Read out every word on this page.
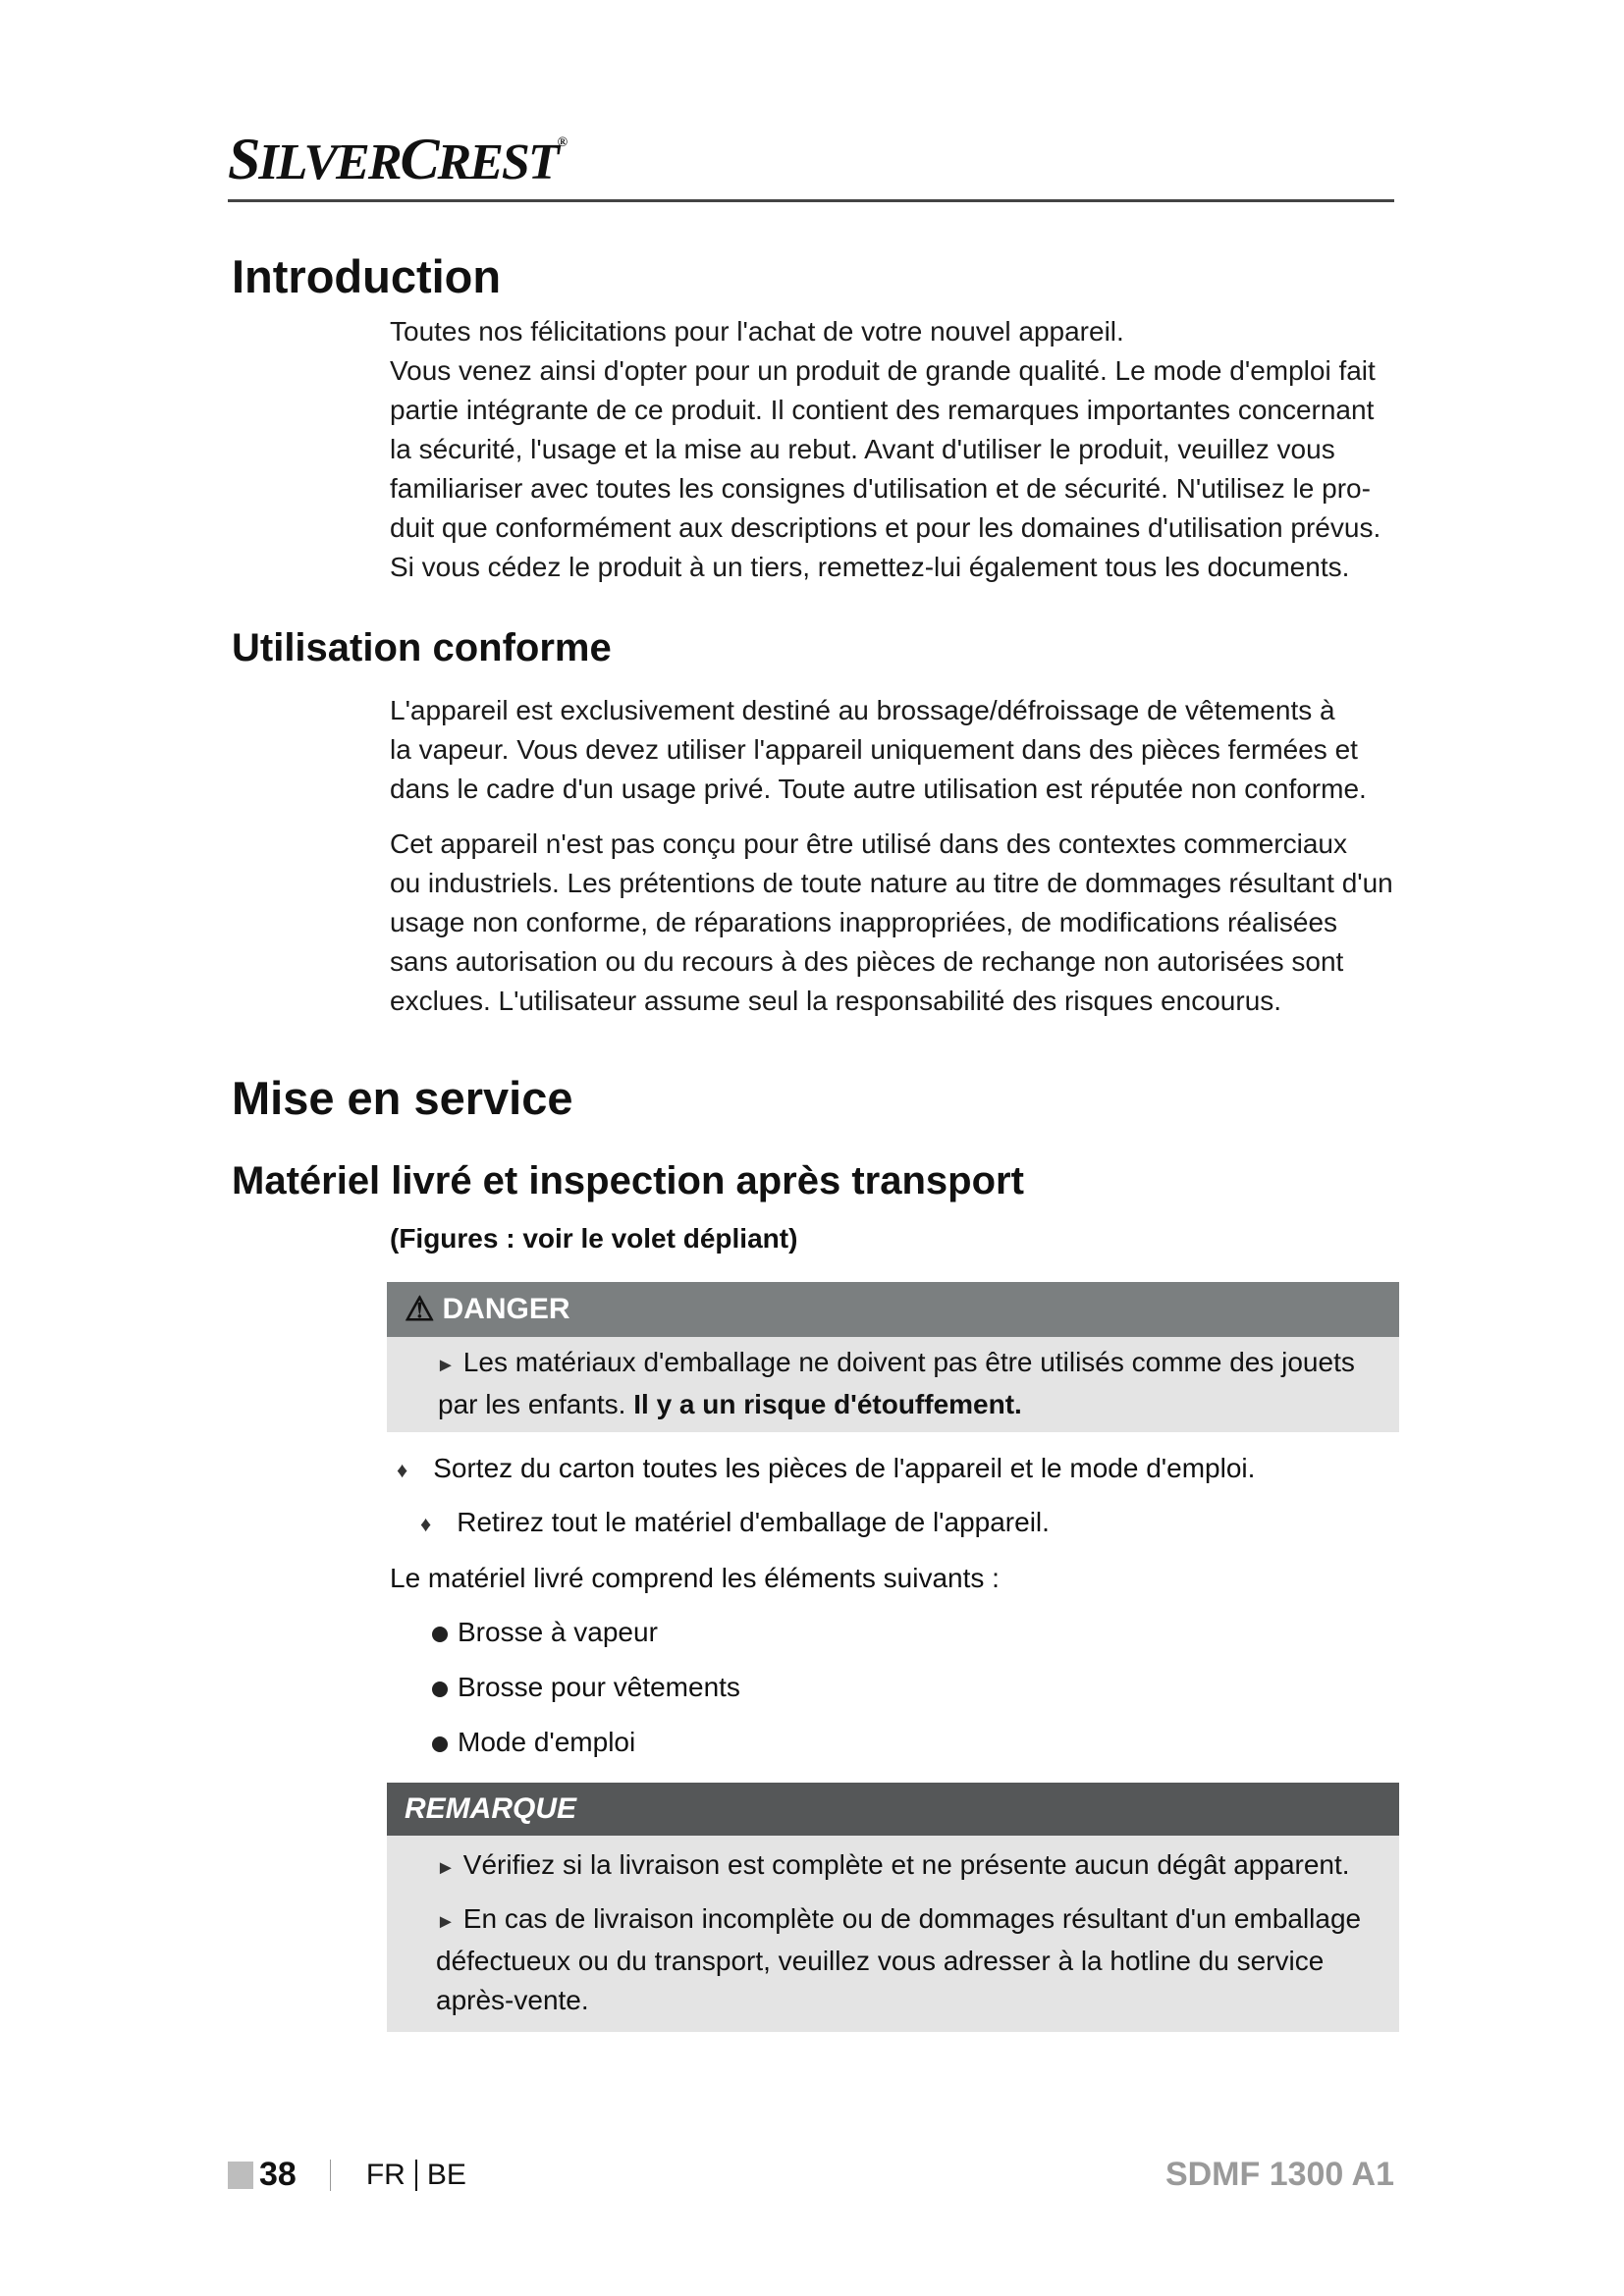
SILVERCREST®
Introduction
Toutes nos félicitations pour l'achat de votre nouvel appareil.
Vous venez ainsi d'opter pour un produit de grande qualité. Le mode d'emploi fait
partie intégrante de ce produit. Il contient des remarques importantes concernant
la sécurité, l'usage et la mise au rebut. Avant d'utiliser le produit, veuillez vous
familiariser avec toutes les consignes d'utilisation et de sécurité. N'utilisez le pro-
duit que conformément aux descriptions et pour les domaines d'utilisation prévus.
Si vous cédez le produit à un tiers, remettez-lui également tous les documents.
Utilisation conforme
L'appareil est exclusivement destiné au brossage/défroissage de vêtements à
la vapeur. Vous devez utiliser l'appareil uniquement dans des pièces fermées et
dans le cadre d'un usage privé. Toute autre utilisation est réputée non conforme.
Cet appareil n'est pas conçu pour être utilisé dans des contextes commerciaux
ou industriels. Les prétentions de toute nature au titre de dommages résultant d'un
usage non conforme, de réparations inappropriées, de modifications réalisées
sans autorisation ou du recours à des pièces de rechange non autorisées sont
exclues. L'utilisateur assume seul la responsabilité des risques encourus.
Mise en service
Matériel livré et inspection après transport
(Figures : voir le volet dépliant)
⚠ DANGER
► Les matériaux d'emballage ne doivent pas être utilisés comme des jouets
par les enfants. Il y a un risque d'étouffement.
♦ Sortez du carton toutes les pièces de l'appareil et le mode d'emploi.
♦ Retirez tout le matériel d'emballage de l'appareil.
Le matériel livré comprend les éléments suivants :
Brosse à vapeur
Brosse pour vêtements
Mode d'emploi
REMARQUE
► Vérifiez si la livraison est complète et ne présente aucun dégât apparent.
► En cas de livraison incomplète ou de dommages résultant d'un emballage
défectueux ou du transport, veuillez vous adresser à la hotline du service
après-vente.
38 FR BE	SDMF 1300 A1
